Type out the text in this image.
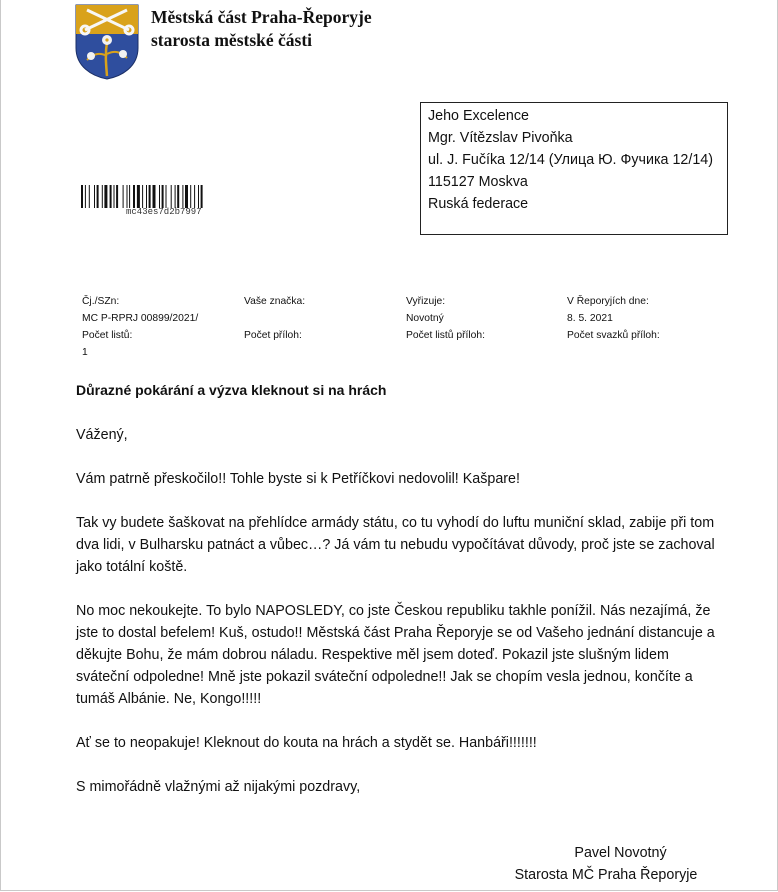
Městská část Praha-Řeporyje
starosta městské části
Jeho Excelence
Mgr. Vítězslav Pivoňka
ul. J. Fučíka 12/14 (Улица Ю. Фучика 12/14)
115127 Moskva
Ruská federace
mc43es7d2b7997
Čj./SZn:
MC P-RPRJ 00899/2021/
Počet listů:
1
Vaše značka:

Počet příloh:
Vyřizuje:
Novotný
Počet listů příloh:
V Řeporyjích dne:
8. 5. 2021
Počet svazků příloh:
Důrazné pokárání a výzva kleknout si na hrách

Vážený,

Vám patrně přeskočilo!! Tohle byste si k Petříčkovi nedovolil! Kašpare!

Tak vy budete šaškovat na přehlídce armády státu, co tu vyhodí do luftu muniční sklad, zabije při tom dva lidi, v Bulharsku patnáct a vůbec…? Já vám tu nebudu vypočítávat důvody, proč jste se zachoval jako totální koště.

No moc nekoukejte. To bylo NAPOSLEDY, co jste Českou republiku takhle ponížil. Nás nezajímá, že jste to dostal befelem! Kuš, ostudo!! Městská část Praha Řeporyje se od Vašeho jednání distancuje a děkujte Bohu, že mám dobrou náladu. Respektive měl jsem doteď. Pokazil jste slušným lidem sváteční odpoledne! Mně jste pokazil sváteční odpoledne!! Jak se chopím vesla jednou, končíte a tumáš Albánie. Ne, Kongo!!!!!

Ať se to neopakuje! Kleknout do kouta na hrách a stydět se. Hanbáři!!!!!!!

S mimořádně vlažnými až nijakými pozdravy,

Pavel Novotný
Starosta MČ Praha Řeporyje
